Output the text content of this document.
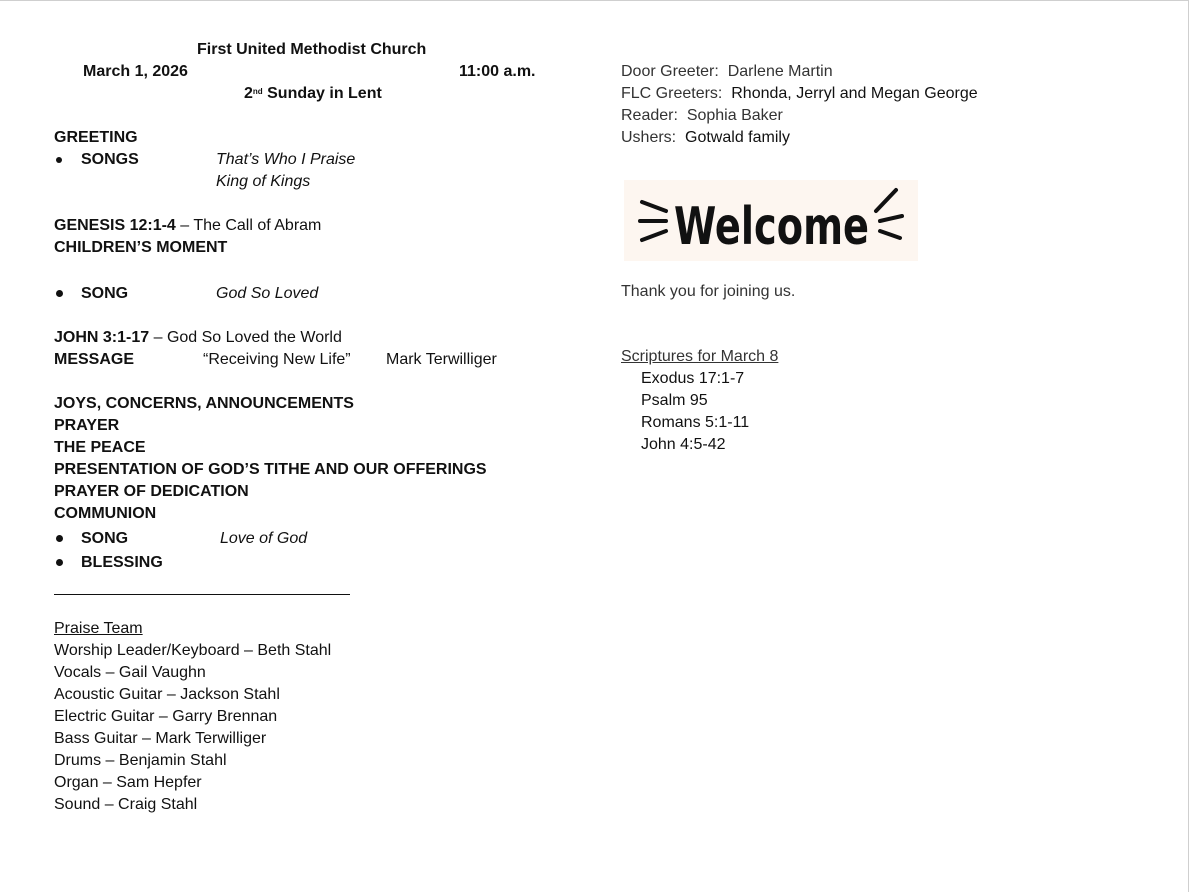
First United Methodist Church
March 1, 2026	11:00 a.m.
2nd Sunday in Lent
GREETING
SONGS	That’s Who I Praise
King of Kings
GENESIS 12:1-4 – The Call of Abram
CHILDREN’S MOMENT
SONG	God So Loved
JOHN 3:1-17 – God So Loved the World
MESSAGE	“Receiving New Life” Mark Terwilliger
JOYS, CONCERNS, ANNOUNCEMENTS
PRAYER
THE PEACE
PRESENTATION OF GOD’S TITHE AND OUR OFFERINGS
PRAYER OF DEDICATION
COMMUNION
SONG	Love of God
BLESSING
Praise Team
Worship Leader/Keyboard – Beth Stahl
Vocals – Gail Vaughn
Acoustic Guitar – Jackson Stahl
Electric Guitar – Garry Brennan
Bass Guitar – Mark Terwilliger
Drums – Benjamin Stahl
Organ – Sam Hepfer
Sound – Craig Stahl
Door Greeter: Darlene Martin
FLC Greeters: Rhonda, Jerryl and Megan George
Reader: Sophia Baker
Ushers: Gotwald family
Welcome
Thank you for joining us.
Scriptures for March 8
Exodus 17:1-7
Psalm 95
Romans 5:1-11
John 4:5-42
